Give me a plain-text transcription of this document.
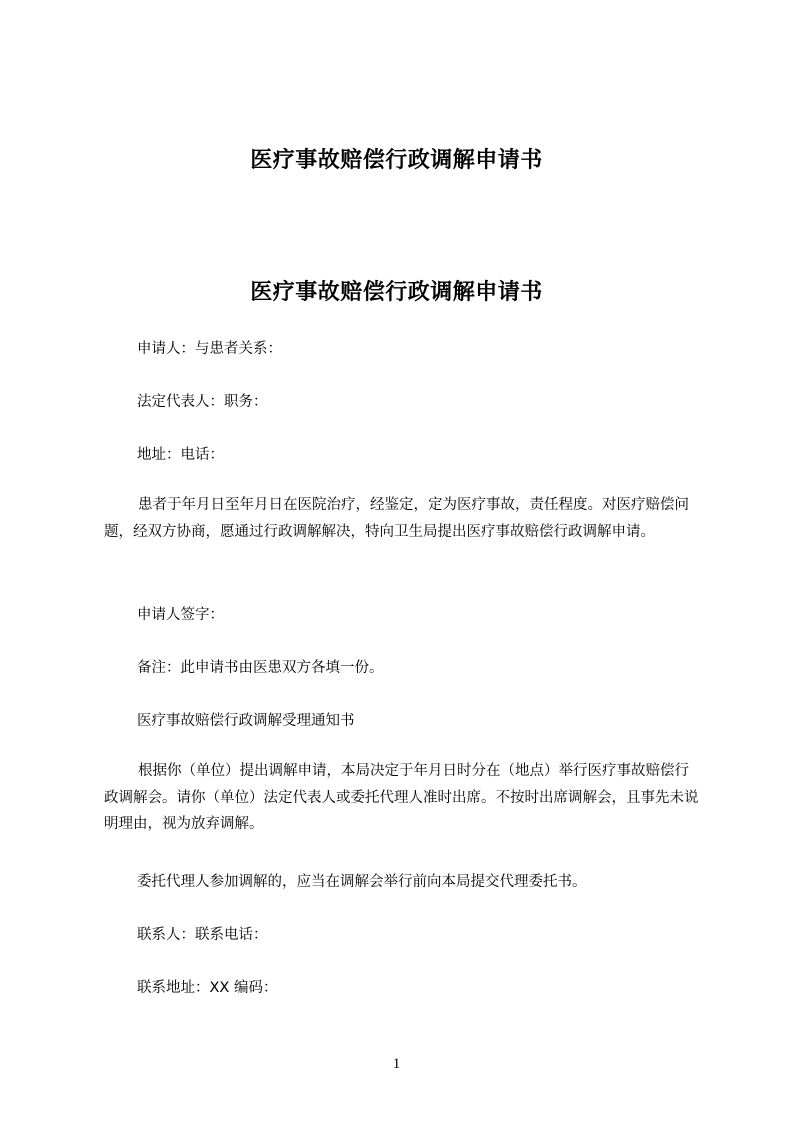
医疗事故赔偿行政调解申请书
医疗事故赔偿行政调解申请书

申请人：与患者关系：

法定代表人：职务：

地址：电话：

患者于年月日至年月日在医院治疗，经鉴定，定为医疗事故，责任程度。对医疗赔偿问题，经双方协商，愿通过行政调解解决，特向卫生局提出医疗事故赔偿行政调解申请。

申请人签字：

备注：此申请书由医患双方各填一份。

医疗事故赔偿行政调解受理通知书

根据你（单位）提出调解申请，本局决定于年月日时分在（地点）举行医疗事故赔偿行政调解会。请你（单位）法定代表人或委托代理人准时出席。不按时出席调解会，且事先未说明理由，视为放弃调解。

委托代理人参加调解的，应当在调解会举行前向本局提交代理委托书。

联系人：联系电话：

联系地址：XX 编码：

1
